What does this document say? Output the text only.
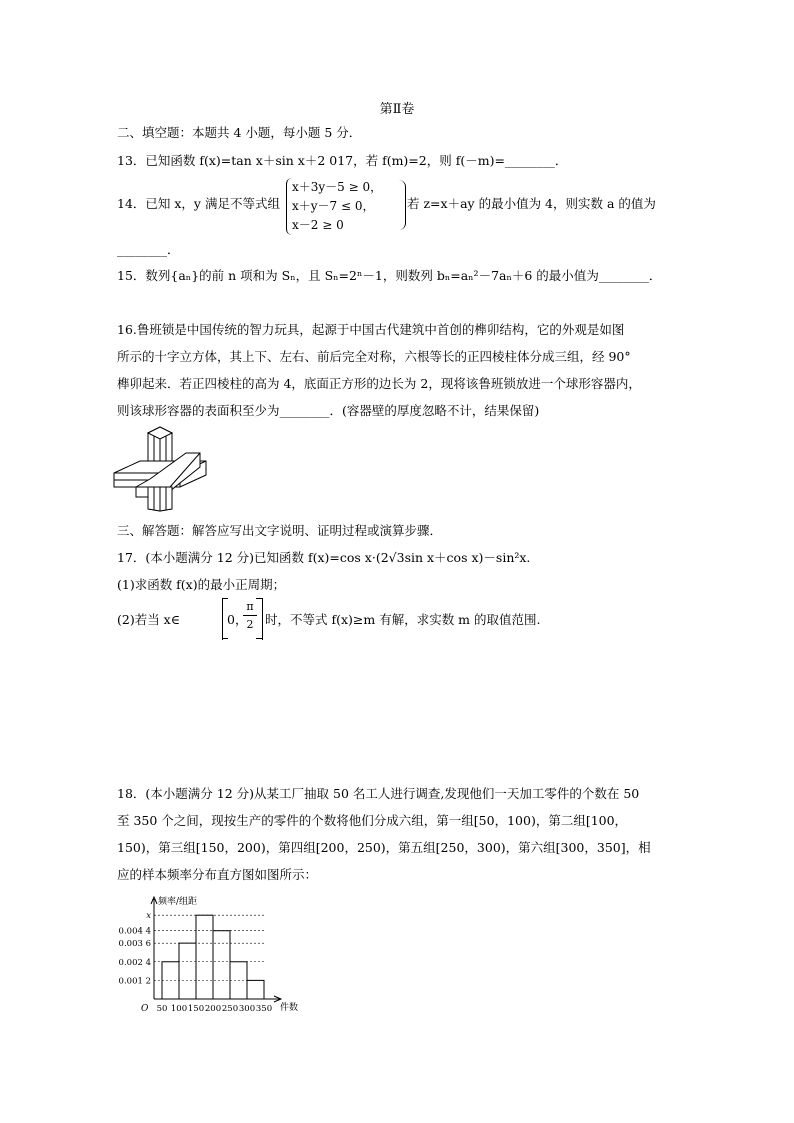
第Ⅱ卷
二、填空题：本题共 4 小题，每小题 5 分．
13．已知函数 f(x)=tan x＋sin x＋2 017，若 f(m)=2，则 f(－m)=________．
14．已知 x，y 满足不等式组
x＋3y－5 ≥ 0，
x＋y－7 ≤ 0，
x－2 ≥ 0
若 z=x＋ay 的最小值为 4，则实数 a 的值为
________．
15．数列{aₙ}的前 n 项和为 Sₙ，且 Sₙ=2ⁿ－1，则数列 bₙ=aₙ²－7aₙ＋6 的最小值为________．
16.鲁班锁是中国传统的智力玩具，起源于中国古代建筑中首创的榫卯结构，它的外观是如图
所示的十字立方体，其上下、左右、前后完全对称，六根等长的正四棱柱体分成三组，经 90°
榫卯起来．若正四棱柱的高为 4，底面正方形的边长为 2，现将该鲁班锁放进一个球形容器内，
则该球形容器的表面积至少为________．(容器壁的厚度忽略不计，结果保留)
三、解答题：解答应写出文字说明、证明过程或演算步骤．
17．(本小题满分 12 分)已知函数 f(x)=cos x·(2√3sin x＋cos x)－sin²x.
(1)求函数 f(x)的最小正周期；
(2)若当 x∈	0，
$\frac{\pi}{2}$ 时，不等式 f(x)≥m 有解，求实数 m 的取值范围.
18．(本小题满分 12 分)从某工厂抽取 50 名工人进行调查,发现他们一天加工零件的个数在 50
至 350 个之间，现按生产的零件的个数将他们分成六组，第一组[50，100)，第二组[100，
150)，第三组[150，200)，第四组[200，250)，第五组[250，300)，第六组[300，350]，相
应的样本频率分布直方图如图所示：
频率/组距
件数
O
0.001 2
0.002 4
0.003 6
0.004 4
x
50 100 150 200 250 300 350
